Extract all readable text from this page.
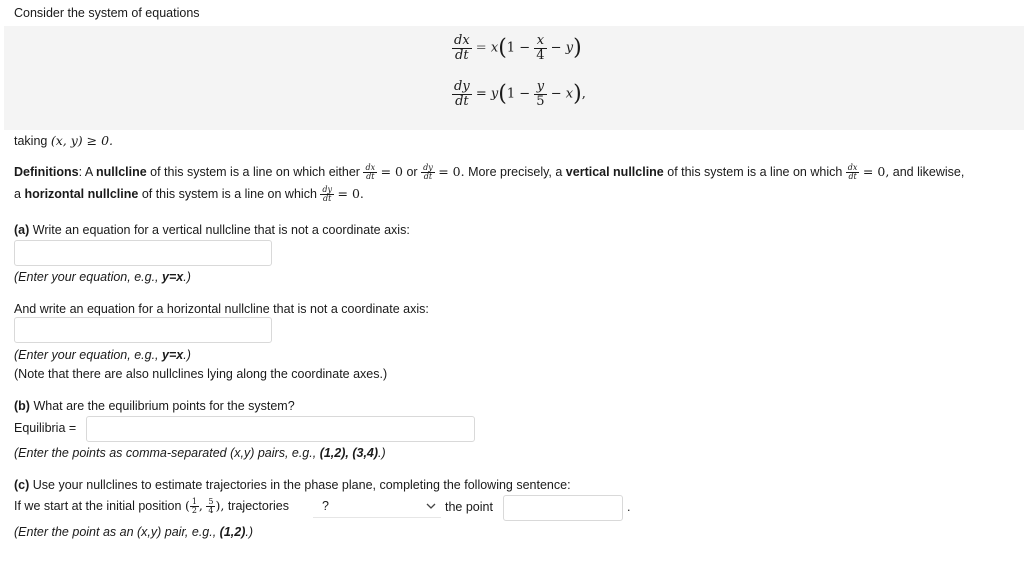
Consider the system of equations
$\frac{dx}{dt} = x(1 - \frac{x}{4} - y)$
$\frac{dy}{dt} = y(1 - \frac{y}{5} - x)$,
taking (x, y) ≥ 0.
Definitions: A nullcline of this system is a line on which either $\frac{dx}{dt} = 0$ or $\frac{dy}{dt} = 0$. More precisely, a vertical nullcline of this system is a line on which $\frac{dx}{dt} = 0$, and likewise,
a horizontal nullcline of this system is a line on which $\frac{dy}{dt} = 0$.
(a) Write an equation for a vertical nullcline that is not a coordinate axis:
(Enter your equation, e.g., y=x.)
And write an equation for a horizontal nullcline that is not a coordinate axis:
(Enter your equation, e.g., y=x.)
(Note that there are also nullclines lying along the coordinate axes.)
(b) What are the equilibrium points for the system?
Equilibria =
(Enter the points as comma-separated (x,y) pairs, e.g., (1,2), (3,4).)
(c) Use your nullclines to estimate trajectories in the phase plane, completing the following sentence:
If we start at the initial position ( $\frac{1}{2}$ , $\frac{5}{4}$ ), trajectories	?	the point	.
(Enter the point as an (x,y) pair, e.g., (1,2).)
